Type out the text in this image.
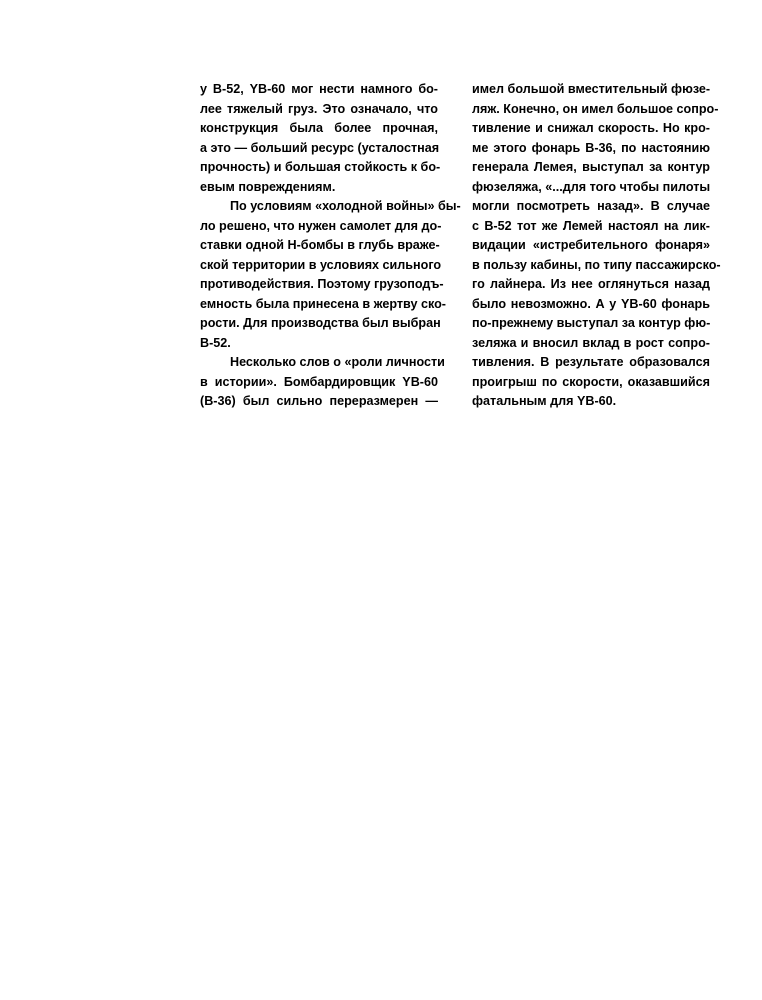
у В-52, YB-60 мог нести намного бо-
лее тяжелый груз. Это означало, что
конструкция была более прочная,
а это — больший ресурс (усталостная
прочность) и большая стойкость к бо-
евым повреждениям.
По условиям «холодной войны» бы-
ло решено, что нужен самолет для до-
ставки одной Н-бомбы в глубь враже-
ской территории в условиях сильного
противодействия. Поэтому грузоподъ-
емность была принесена в жертву ско-
рости. Для производства был выбран
В-52.
Несколько слов о «роли личности
в истории». Бомбардировщик YB-60
(В-36) был сильно переразмерен —
имел большой вместительный фюзе-
ляж. Конечно, он имел большое сопро-
тивление и снижал скорость. Но кро-
ме этого фонарь В-36, по настоянию
генерала Лемея, выступал за контур
фюзеляжа, «...для того чтобы пилоты
могли посмотреть назад». В случае
с В-52 тот же Лемей настоял на лик-
видации «истребительного фонаря»
в пользу кабины, по типу пассажирско-
го лайнера. Из нее оглянуться назад
было невозможно. А у YB-60 фонарь
по-прежнему выступал за контур фю-
зеляжа и вносил вклад в рост сопро-
тивления. В результате образовался
проигрыш по скорости, оказавшийся
фатальным для YB-60.
